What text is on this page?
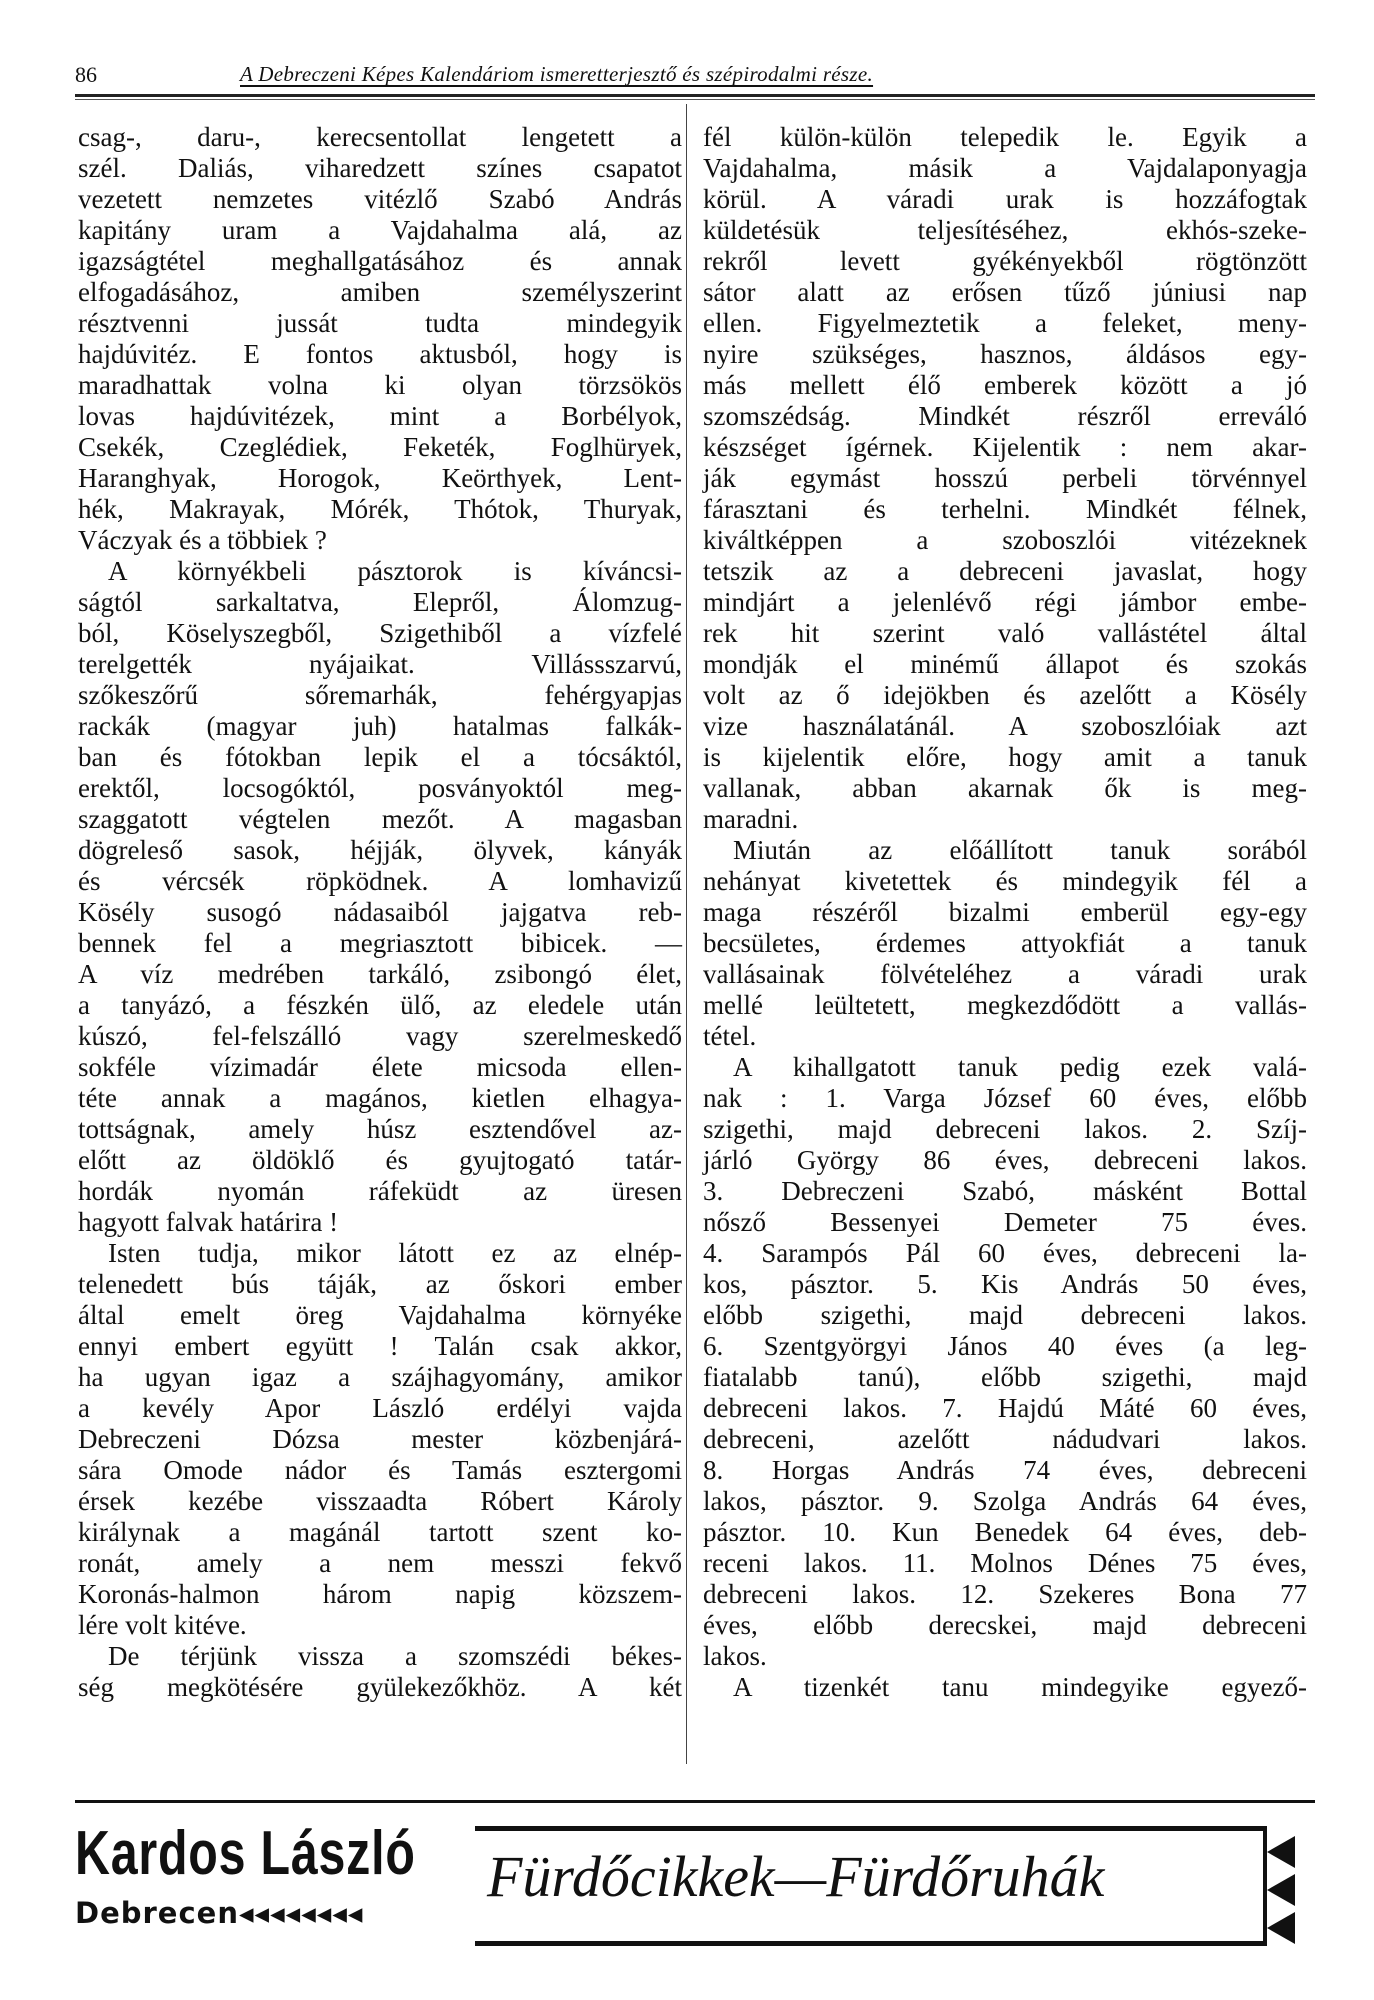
86	A Debreczeni Képes Kalendáriom ismeretterjesztő és szépirodalmi része.
csag-, daru-, kerecsentollat lengetett a
szél. Daliás, viharedzett színes csapatot
vezetett nemzetes vitézlő Szabó András
kapitány uram a Vajdahalma alá, az
igazságtétel meghallgatásához és annak
elfogadásához, amiben személyszerint
résztvenni jussát tudta mindegyik
hajdúvitéz. E fontos aktusból, hogy is
maradhattak volna ki olyan törzsökös
lovas hajdúvitézek, mint a Borbélyok,
Csekék, Czeglédiek, Feketék, Foglhüryek,
Haranghyak, Horogok, Keörthyek, Lent-
hék, Makrayak, Mórék, Thótok, Thuryak,
Váczyak és a többiek ?
A környékbeli pásztorok is kíváncsi-
ságtól sarkaltatva, Elepről, Álomzug-
ból, Köselyszegből, Szigethiből a vízfelé
terelgették nyájaikat. Villássszarvú,
szőkeszőrű sőremarhák, fehérgyapjas
rackák (magyar juh) hatalmas falkák-
ban és fótokban lepik el a tócsáktól,
erektől, locsogóktól, posványoktól meg-
szaggatott végtelen mezőt. A magasban
dögreleső sasok, héjják, ölyvek, kányák
és vércsék röpködnek. A lomhavizű
Kösély susogó nádasaiból jajgatva reb-
bennek fel a megriasztott bibicek. —
A víz medrében tarkáló, zsibongó élet,
a tanyázó, a fészkén ülő, az eledele után
kúszó, fel-felszálló vagy szerelmeskedő
sokféle vízimadár élete micsoda ellen-
téte annak a magános, kietlen elhagya-
tottságnak, amely húsz esztendővel az-
előtt az öldöklő és gyujtogató tatár-
hordák nyomán ráfeküdt az üresen
hagyott falvak határira !
Isten tudja, mikor látott ez az elnép-
telenedett bús táják, az őskori ember
által emelt öreg Vajdahalma környéke
ennyi embert együtt ! Talán csak akkor,
ha ugyan igaz a szájhagyomány, amikor
a kevély Apor László erdélyi vajda
Debreczeni Dózsa mester közbenjárá-
sára Omode nádor és Tamás esztergomi
érsek kezébe visszaadta Róbert Károly
királynak a magánál tartott szent ko-
ronát, amely a nem messzi fekvő
Koronás-halmon három napig közszem-
lére volt kitéve.
De térjünk vissza a szomszédi békes-
ség megkötésére gyülekezőkhöz. A két
fél külön-külön telepedik le. Egyik a
Vajdahalma, másik a Vajdalaponyagja
körül. A váradi urak is hozzáfogtak
küldetésük teljesítéséhez, ekhós-szeke-
rekről levett gyékényekből rögtönzött
sátor alatt az erősen tűző júniusi nap
ellen. Figyelmeztetik a feleket, meny-
nyire szükséges, hasznos, áldásos egy-
más mellett élő emberek között a jó
szomszédság. Mindkét részről erreváló
készséget ígérnek. Kijelentik : nem akar-
ják egymást hosszú perbeli törvénnyel
fárasztani és terhelni. Mindkét félnek,
kiváltképpen a szoboszlói vitézeknek
tetszik az a debreceni javaslat, hogy
mindjárt a jelenlévő régi jámbor embe-
rek hit szerint való vallástétel által
mondják el minémű állapot és szokás
volt az ő idejökben és azelőtt a Kösély
vize használatánál. A szoboszlóiak azt
is kijelentik előre, hogy amit a tanuk
vallanak, abban akarnak ők is meg-
maradni.
Miután az előállított tanuk sorából
nehányat kivetettek és mindegyik fél a
maga részéről bizalmi emberül egy-egy
becsületes, érdemes attyokfiát a tanuk
vallásainak fölvételéhez a váradi urak
mellé leültetett, megkezdődött a vallás-
tétel.
A kihallgatott tanuk pedig ezek valá-
nak : 1. Varga József 60 éves, előbb
szigethi, majd debreceni lakos. 2. Szíj-
járló György 86 éves, debreceni lakos.
3. Debreczeni Szabó, másként Bottal
nősző Bessenyei Demeter 75 éves.
4. Sarampós Pál 60 éves, debreceni la-
kos, pásztor. 5. Kis András 50 éves,
előbb szigethi, majd debreceni lakos.
6. Szentgyörgyi János 40 éves (a leg-
fiatalabb tanú), előbb szigethi, majd
debreceni lakos. 7. Hajdú Máté 60 éves,
debreceni, azelőtt nádudvari lakos.
8. Horgas András 74 éves, debreceni
lakos, pásztor. 9. Szolga András 64 éves,
pásztor. 10. Kun Benedek 64 éves, deb-
receni lakos. 11. Molnos Dénes 75 éves,
debreceni lakos. 12. Szekeres Bona 77
éves, előbb derecskei, majd debreceni
lakos.
A tizenkét tanu mindegyike egyező-
Kardos László
Debrecen◂◂◂◂◂◂◂◂
Fürdőcikkek—Fürdőruhák
